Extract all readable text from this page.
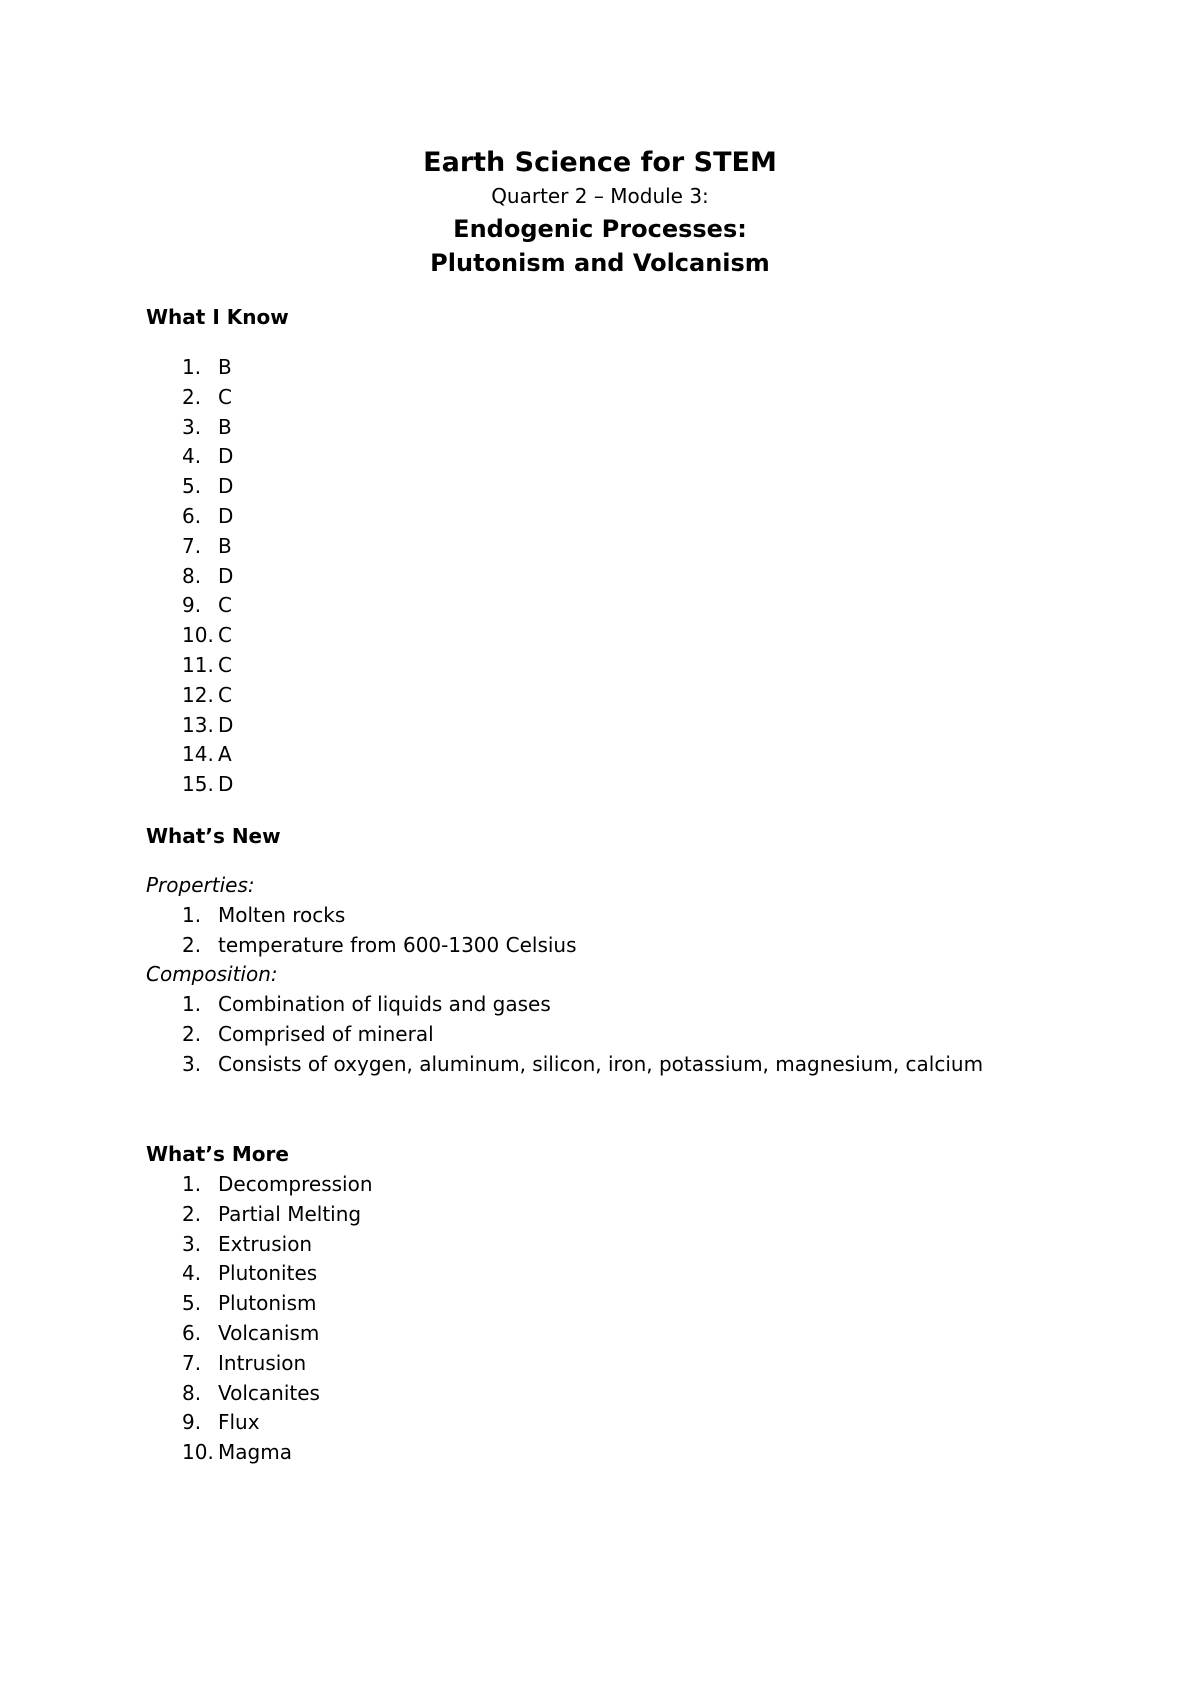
Earth Science for STEM
Quarter 2 – Module 3:
Endogenic Processes:
Plutonism and Volcanism
What I Know
1. B
2. C
3. B
4. D
5. D
6. D
7. B
8. D
9. C
10. C
11. C
12. C
13. D
14. A
15. D
What’s New
Properties:
1. Molten rocks
2. temperature from 600-1300 Celsius
Composition:
1. Combination of liquids and gases
2. Comprised of mineral
3. Consists of oxygen, aluminum, silicon, iron, potassium, magnesium, calcium
What’s More
1. Decompression
2. Partial Melting
3. Extrusion
4. Plutonites
5. Plutonism
6. Volcanism
7. Intrusion
8. Volcanites
9. Flux
10. Magma
